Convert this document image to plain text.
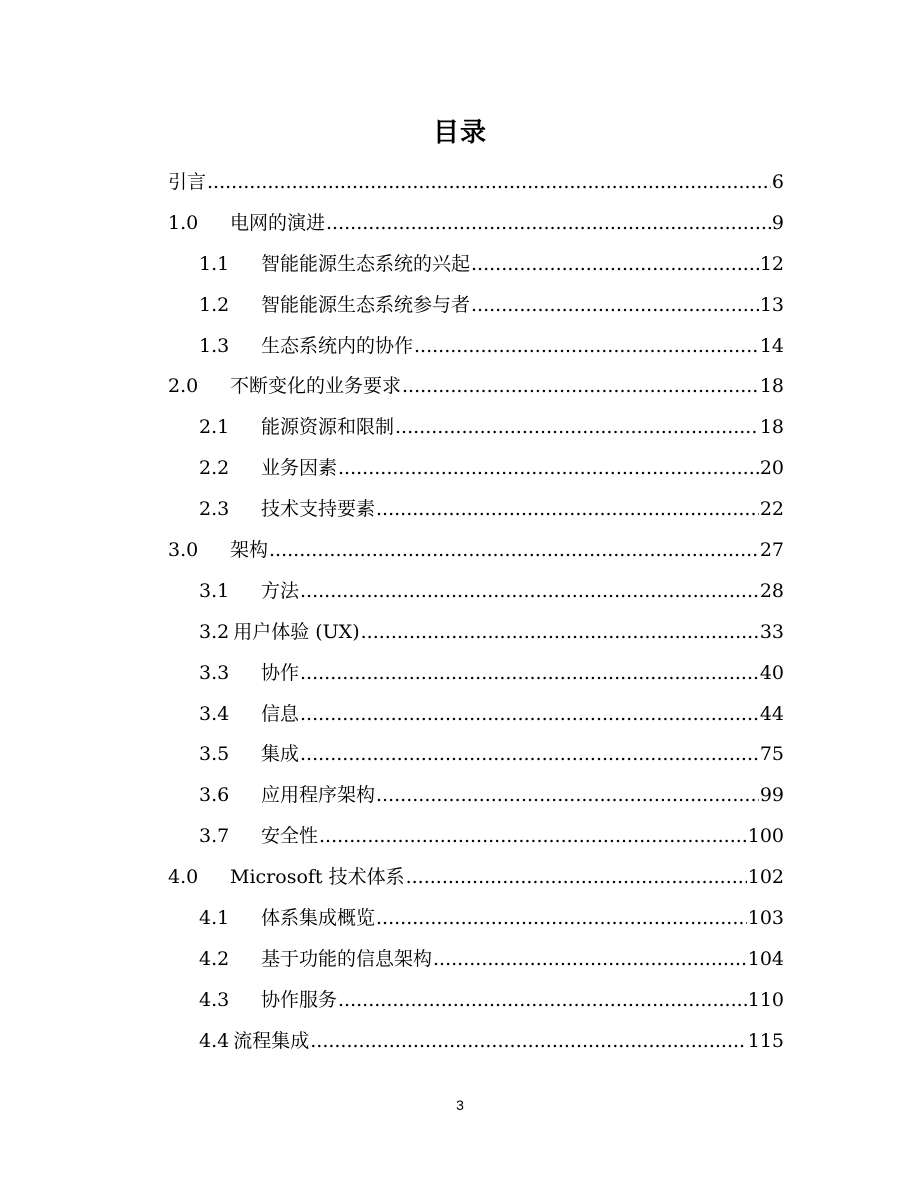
目录
引言 .....	6
1.0	电网的演进 .....	9
1.1	智能能源生态系统的兴起 .....	12
1.2	智能能源生态系统参与者 .....	13
1.3	生态系统内的协作 .....	14
2.0	不断变化的业务要求 .....	18
2.1	能源资源和限制 .....	18
2.2	业务因素 .....	20
2.3	技术支持要素 .....	22
3.0	架构 .....	27
3.1	方法 .....	28
3.2 用户体验 (UX) .....	33
3.3	协作 .....	40
3.4	信息 .....	44
3.5	集成 .....	75
3.6	应用程序架构 .....	99
3.7	安全性 .....	100
4.0	Microsoft 技术体系 .....	102
4.1	体系集成概览 .....	103
4.2	基于功能的信息架构 .....	104
4.3	协作服务 .....	110
4.4 流程集成 .....	115
3
